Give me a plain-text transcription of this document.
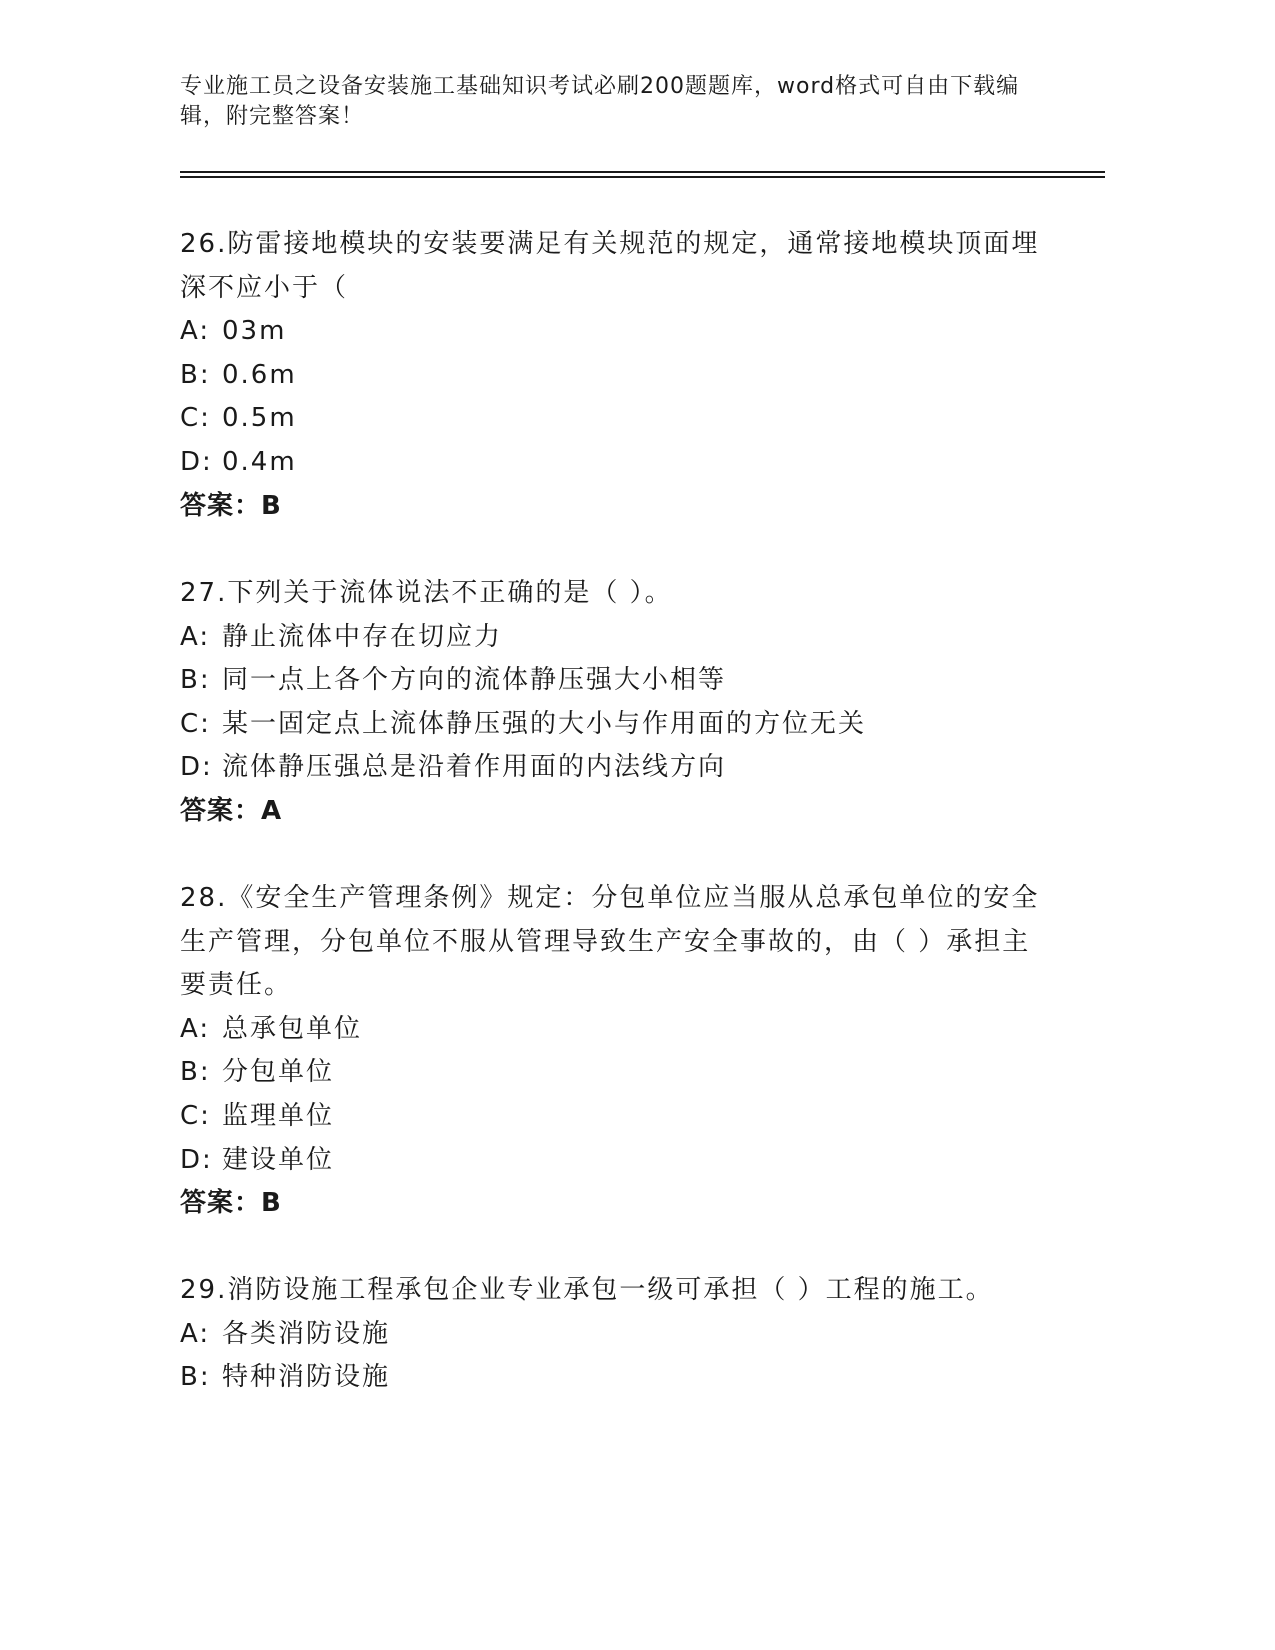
专业施工员之设备安装施工基础知识考试必刷200题题库，word格式可自由下载编辑，附完整答案！
26.防雷接地模块的安装要满足有关规范的规定，通常接地模块顶面埋深不应小于（
A: 03m
B: 0.6m
C: 0.5m
D: 0.4m
答案：B
27.下列关于流体说法不正确的是（ ）。
A: 静止流体中存在切应力
B: 同一点上各个方向的流体静压强大小相等
C: 某一固定点上流体静压强的大小与作用面的方位无关
D: 流体静压强总是沿着作用面的内法线方向
答案：A
28.《安全生产管理条例》规定：分包单位应当服从总承包单位的安全生产管理，分包单位不服从管理导致生产安全事故的，由（ ）承担主要责任。
A: 总承包单位
B: 分包单位
C: 监理单位
D: 建设单位
答案：B
29.消防设施工程承包企业专业承包一级可承担（ ）工程的施工。
A: 各类消防设施
B: 特种消防设施
